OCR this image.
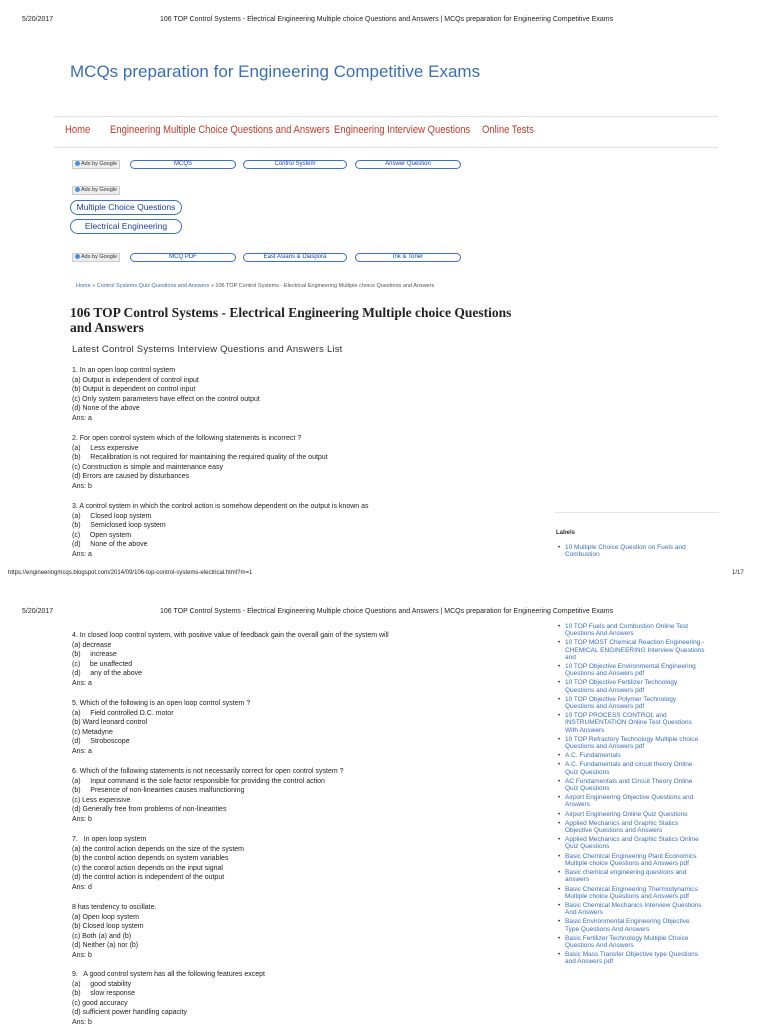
5/20/2017	106 TOP Control Systems - Electrical Engineering Multiple choice Questions and Answers | MCQs preparation for Engineering Competitive Exams
MCQs preparation for Engineering Competitive Exams
Home Engineering Multiple Choice Questions and Answers Engineering Interview Questions Online Tests
Ads by Google	MCQS	Control System	Answer Question
Ads by Google
Multiple Choice Questions
Electrical Engineering
Ads by Google	MCQ PDF	East Asians & Diaspora	Ink & Toner
Home » Control Systems Quiz Questions and Answers » 106 TOP Control Systems - Electrical Engineering Multiple choice Questions and Answers
106 TOP Control Systems - Electrical Engineering Multiple choice Questions and Answers
Latest Control Systems Interview Questions and Answers List
1. In an open loop control system
(a) Output is independent of control input
(b) Output is dependent on control input
(c) Only system parameters have effect on the control output
(d) None of the above
Ans: a
2. For open control system which of the following statements is incorrect ?
(a)     Less expensive
(b)     Recalibration is not required for maintaining the required quality of the output
(c) Construction is simple and maintenance easy
(d) Errors are caused by disturbances
Ans: b
3. A control system in which the control action is somehow dependent on the output is known as
(a)     Closed loop system
(b)     Semiclosed loop system
(c)     Open system
(d)     None of the above
Ans: a
Labels
• 10 Multiple Choice Question on Fuels and Combustion
https://engineeringmcqs.blogspot.com/2014/09/106-top-control-systems-electrical.html?m=1	1/17
5/20/2017	106 TOP Control Systems - Electrical Engineering Multiple choice Questions and Answers | MCQs preparation for Engineering Competitive Exams
4. In closed loop control system, with positive value of feedback gain the overall gain of the system will
(a) decrease
(b)     increase
(c)     be unaffected
(d)     any of the above
Ans: a
5. Which of the following is an open loop control system ?
(a)     Field controlled D.C. motor
(b) Ward leonard control
(c) Metadyne
(d)     Stroboscope
Ans: a
6. Which of the following statements is not necessarily correct for open control system ?
(a)     Input command is the sole factor responsible for providing the control action
(b)     Presence of non-linearities causes malfunctioning
(c) Less expensive
(d) Generally free from problems of non-linearities
Ans: b
7.   In open loop system
(a) the control action depends on the size of the system
(b) the control action depends on system variables
(c) the control action depends on the input signal
(d) the control action is independent of the output
Ans: d
8 has tendency to oscillate.
(a) Open loop system
(b) Closed loop system
(c) Both (a) and (b)
(d) Neither (a) nor (b)
Ans: b
9.   A good control system has all the following features except
(a)     good stability
(b)     slow response
(c) good accuracy
(d) sufficient power handling capacity
Ans: b
• 10 TOP Fuels and Combustion Online Test Questions And Answers
• 10 TOP MOST Chemical Reaction Engineering - CHEMICAL ENGINEERING Interview Questions and
• 10 TOP Objective Environmental Engineering Questions and Answers pdf
• 10 TOP Objective Fertilizer Technology Questions and Answers pdf
• 10 TOP Objective Polymer Technology Questions and Answers pdf
• 10 TOP PROCESS CONTROL and INSTRUMENTATION Online Test Questions With Answers
• 10 TOP Refractory Technology Multiple choice Questions and Answers pdf
• A.C. Fundamentals
• A.C. Fundamentals and circuit theory Online Quiz Questions
• AC Fundamentals and Circuit Theory Online Quiz Questions
• Airport Engineering Objective Questions and Answers
• Airport Engineering Online Quiz Questions
• Applied Mechanics and Graphic Statics Objective Questions and Answers
• Applied Mechanics and Graphic Statics Online Quiz Questions
• Basic Chemical Engineering Plant Economics Multiple choice Questions and Answers pdf
• Basic chemical engineering questions and answers
• Basic Chemical Engineering Thermodynamics Multiple choice Questions and Answers pdf
• Basic Chemical Mechanics Interview Questions And Answers
• Basic Environmental Engineering Objective Type Questions And Answers
• Basic Fertilizer Technology Multiple Choice Questions And Answers
• Basic Mass Transfer Objective type Questions and Answers pdf
